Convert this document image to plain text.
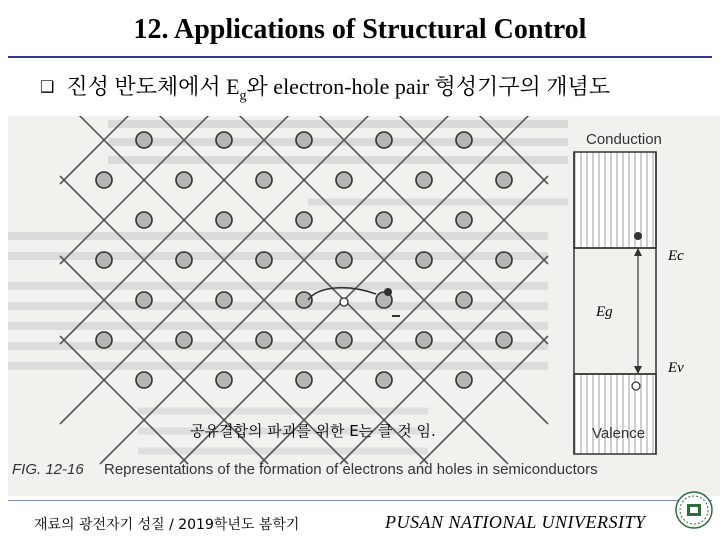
12. Applications of Structural Control
❑ 진성 반도체에서 $E_g$와 electron-hole pair 형성기구의 개념도
Conduction
Valence
Ec
Eg
Ev
공유결합의 파괴를 위한 E는 클 것 임.
FIG. 12-16 Representations of the formation of electrons and holes in semiconductors
재료의 광전자기 성질 / 2019학년도 봄학기	PUSAN NATIONAL UNIVERSITY
